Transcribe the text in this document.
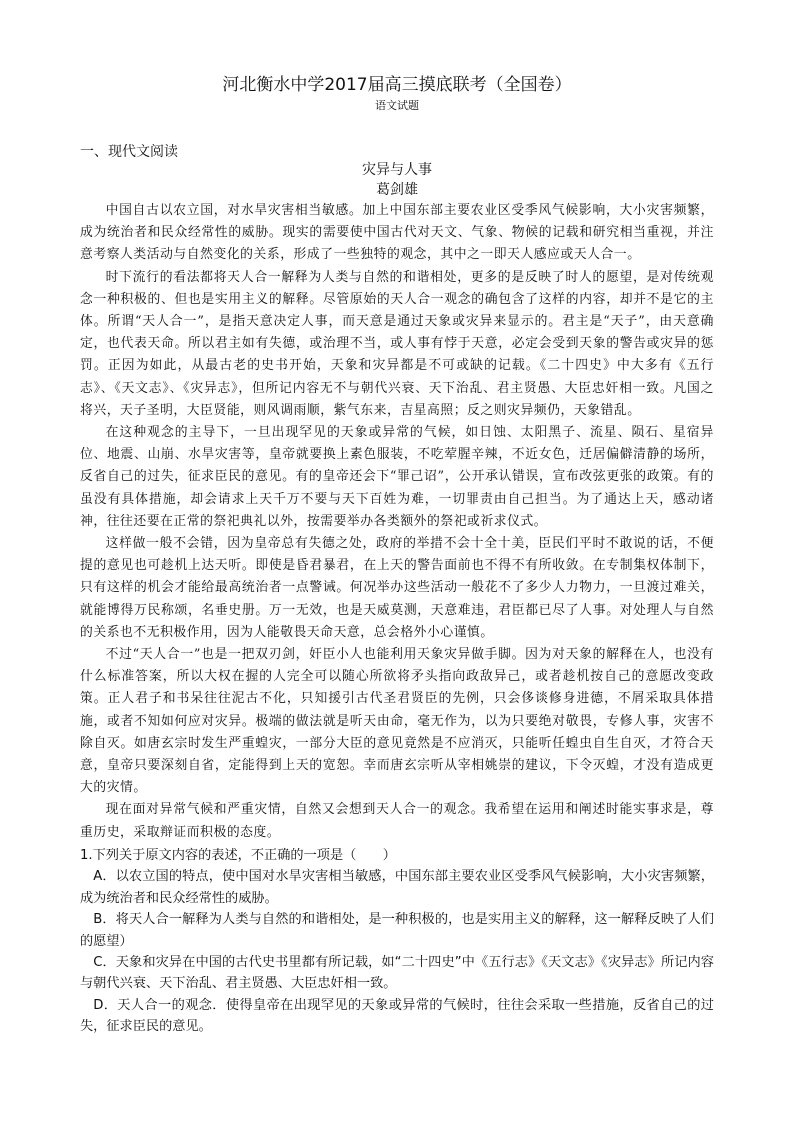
河北衡水中学2017届高三摸底联考（全国卷）
语文试题
一、现代文阅读
灾异与人事
葛剑雄

中国自古以农立国，对水旱灾害相当敏感。加上中国东部主要农业区受季风气候影响，大小灾害频繁，成为统治者和民众经常性的威胁。现实的需要使中国古代对天文、气象、物候的记载和研究相当重视，并注意考察人类活动与自然变化的关系，形成了一些独特的观念，其中之一即天人感应或天人合一。

时下流行的看法都将天人合一解释为人类与自然的和谐相处，更多的是反映了时人的愿望，是对传统观念一种积极的、但也是实用主义的解释。尽管原始的天人合一观念的确包含了这样的内容，却并不是它的主体。所谓“天人合一”，是指天意决定人事，而天意是通过天象或灾异来显示的。君主是“天子”，由天意确定，也代表天命。所以君主如有失德，或治理不当，或人事有悖于天意，必定会受到天象的警告或灾异的惩罚。正因为如此，从最古老的史书开始，天象和灾异都是不可或缺的记载。《二十四史》中大多有《五行志》、《天文志》、《灾异志》，但所记内容无不与朝代兴衰、天下治乱、君主贤愚、大臣忠奸相一致。凡国之将兴，天子圣明，大臣贤能，则风调雨顺，紫气东来，吉星高照；反之则灾异频仍，天象错乱。

在这种观念的主导下，一旦出现罕见的天象或异常的气候，如日蚀、太阳黑子、流星、陨石、星宿异位、地震、山崩、水旱灾害等，皇帝就要换上素色服装，不吃荤腥辛辣，不近女色，迁居偏僻清静的场所，反省自己的过失，征求臣民的意见。有的皇帝还会下“罪己诏”，公开承认错误，宣布改弦更张的政策。有的虽没有具体措施，却会请求上天千万不要与天下百姓为难，一切罪责由自己担当。为了通达上天，感动诸神，往往还要在正常的祭祀典礼以外，按需要举办各类额外的祭祀或祈求仪式。

这样做一般不会错，因为皇帝总有失德之处，政府的举措不会十全十美，臣民们平时不敢说的话，不便提的意见也可趁机上达天听。即使是昏君暴君，在上天的警告面前也不得不有所收敛。在专制集权体制下，只有这样的机会才能给最高统治者一点警诫。何况举办这些活动一般花不了多少人力物力，一旦渡过难关，就能博得万民称颂，名垂史册。万一无效，也是天威莫测，天意难违，君臣都已尽了人事。对处理人与自然的关系也不无积极作用，因为人能敬畏天命天意，总会格外小心谨慎。

不过“天人合一”也是一把双刃剑，奸臣小人也能利用天象灾异做手脚。因为对天象的解释在人，也没有什么标准答案，所以大权在握的人完全可以随心所欲将矛头指向政敌异己，或者趁机按自己的意愿改变政策。正人君子和书呆往往泥古不化，只知援引古代圣君贤臣的先例，只会侈谈修身进德，不屑采取具体措施，或者不知如何应对灾异。极端的做法就是听天由命，毫无作为，以为只要绝对敬畏，专修人事，灾害不除自灭。如唐玄宗时发生严重蝗灾，一部分大臣的意见竟然是不应消灭，只能听任蝗虫自生自灭，才符合天意，皇帝只要深刻自省，定能得到上天的宽恕。幸而唐玄宗听从宰相姚崇的建议，下令灭蝗，才没有造成更大的灾情。

现在面对异常气候和严重灾情，自然又会想到天人合一的观念。我希望在运用和阐述时能实事求是，尊重历史，采取辩证而积极的态度。

1.下列关于原文内容的表述，不正确的一项是（　　）

A．以农立国的特点，使中国对水旱灾害相当敏感，中国东部主要农业区受季风气候影响，大小灾害频繁，成为统治者和民众经常性的威胁。

B．将天人合一解释为人类与自然的和谐相处，是一种积极的，也是实用主义的解释，这一解释反映了人们的愿望）

C．天象和灾异在中国的古代史书里都有所记载，如“二十四史”中《五行志》《天文志》《灾异志》所记内容与朝代兴衰、天下治乱、君主贤愚、大臣忠奸相一致。

D．天人合一的观念．使得皇帝在出现罕见的天象或异常的气候时，往往会采取一些措施，反省自己的过失，征求臣民的意见。
